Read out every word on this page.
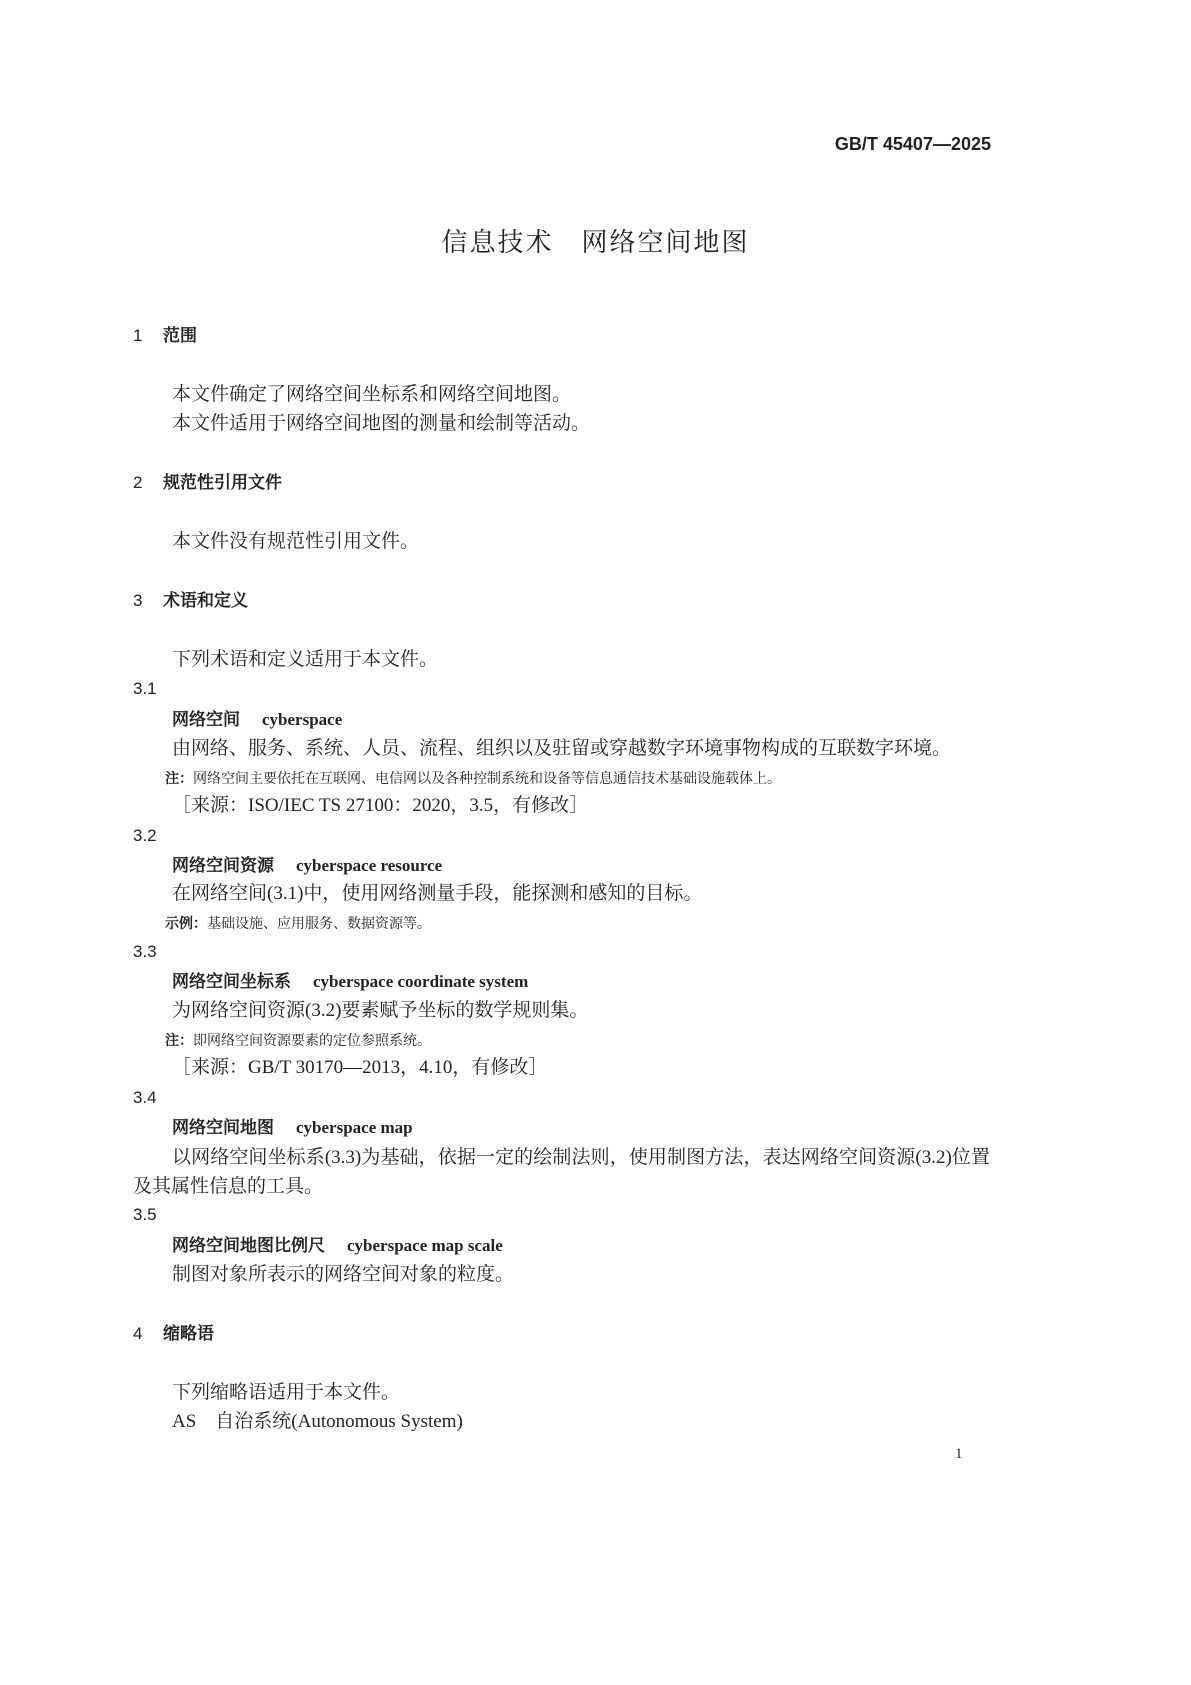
GB/T 45407—2025
信息技术　网络空间地图
1 范围
本文件确定了网络空间坐标系和网络空间地图。
本文件适用于网络空间地图的测量和绘制等活动。
2 规范性引用文件
本文件没有规范性引用文件。
3 术语和定义
下列术语和定义适用于本文件。
3.1
网络空间 cyberspace
由网络、服务、系统、人员、流程、组织以及驻留或穿越数字环境事物构成的互联数字环境。
注：网络空间主要依托在互联网、电信网以及各种控制系统和设备等信息通信技术基础设施载体上。
［来源：ISO/IEC TS 27100：2020，3.5，有修改］
3.2
网络空间资源 cyberspace resource
在网络空间(3.1)中，使用网络测量手段，能探测和感知的目标。
示例：基础设施、应用服务、数据资源等。
3.3
网络空间坐标系 cyberspace coordinate system
为网络空间资源(3.2)要素赋予坐标的数学规则集。
注：即网络空间资源要素的定位参照系统。
［来源：GB/T 30170—2013，4.10，有修改］
3.4
网络空间地图 cyberspace map
以网络空间坐标系(3.3)为基础，依据一定的绘制法则，使用制图方法，表达网络空间资源(3.2)位置及其属性信息的工具。
3.5
网络空间地图比例尺 cyberspace map scale
制图对象所表示的网络空间对象的粒度。
4 缩略语
下列缩略语适用于本文件。
AS 自治系统(Autonomous System)
1
